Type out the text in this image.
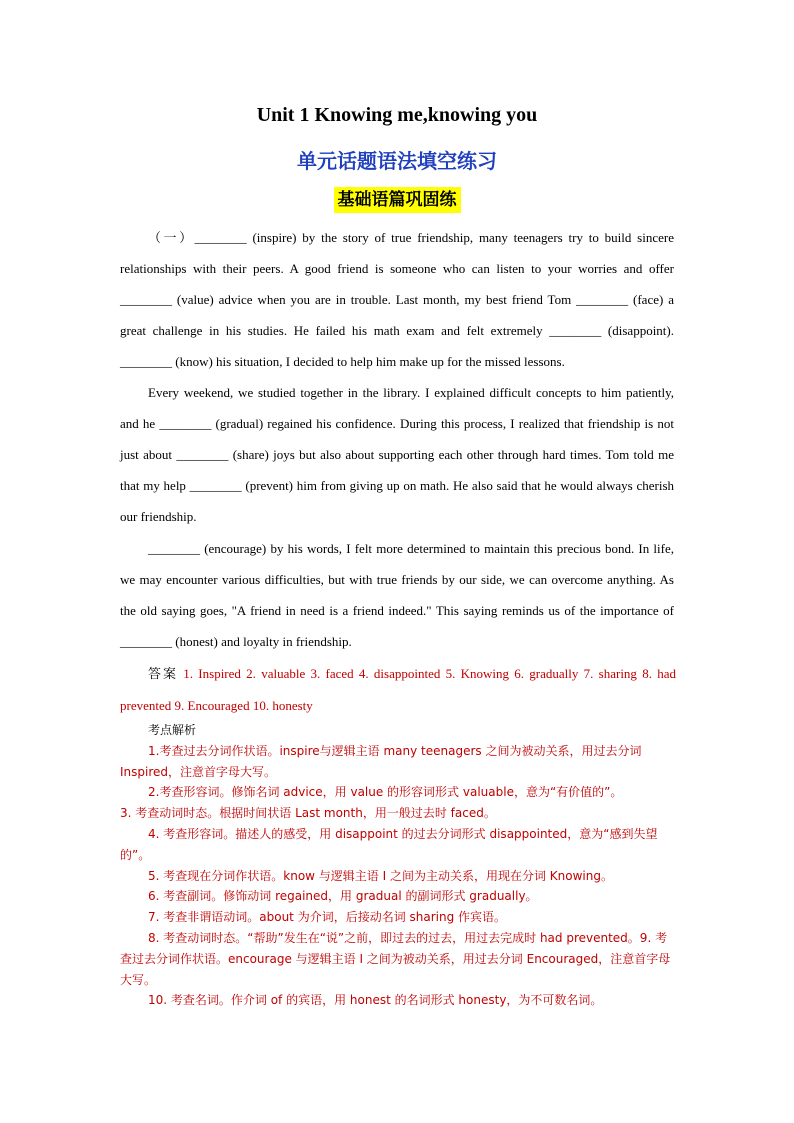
Unit 1 Knowing me,knowing you
单元话题语法填空练习
基础语篇巩固练

（一）________ (inspire) by the story of true friendship, many teenagers try to build sincere relationships with their peers. A good friend is someone who can listen to your worries and offer ________ (value) advice when you are in trouble. Last month, my best friend Tom ________ (face) a great challenge in his studies. He failed his math exam and felt extremely ________ (disappoint). ________ (know) his situation, I decided to help him make up for the missed lessons.

Every weekend, we studied together in the library. I explained difficult concepts to him patiently, and he ________ (gradual) regained his confidence. During this process, I realized that friendship is not just about ________ (share) joys but also about supporting each other through hard times. Tom told me that my help ________ (prevent) him from giving up on math. He also said that he would always cherish our friendship.

________ (encourage) by his words, I felt more determined to maintain this precious bond. In life, we may encounter various difficulties, but with true friends by our side, we can overcome anything. As the old saying goes, "A friend in need is a friend indeed." This saying reminds us of the importance of ________ (honest) and loyalty in friendship.

答案 1. Inspired 2. valuable 3. faced 4. disappointed 5. Knowing 6. gradually 7. sharing 8. had prevented 9. Encouraged 10. honesty

考点解析

1.考查过去分词作状语。inspire与逻辑主语 many teenagers 之间为被动关系，用过去分词 Inspired，注意首字母大写。

2.考查形容词。修饰名词 advice，用 value 的形容词形式 valuable，意为“有价值的”。

3. 考查动词时态。根据时间状语 Last month，用一般过去时 faced。

4. 考查形容词。描述人的感受，用 disappoint 的过去分词形式 disappointed，意为“感到失望的”。

5. 考查现在分词作状语。know 与逻辑主语 I 之间为主动关系，用现在分词 Knowing。

6. 考查副词。修饰动词 regained，用 gradual 的副词形式 gradually。

7. 考查非谓语动词。about 为介词，后接动名词 sharing 作宾语。

8. 考查动词时态。“帮助”发生在“说”之前，即过去的过去，用过去完成时 had prevented。9. 考查过去分词作状语。encourage 与逻辑主语 I 之间为被动关系，用过去分词 Encouraged，注意首字母大写。

10. 考查名词。作介词 of 的宾语，用 honest 的名词形式 honesty，为不可数名词。
